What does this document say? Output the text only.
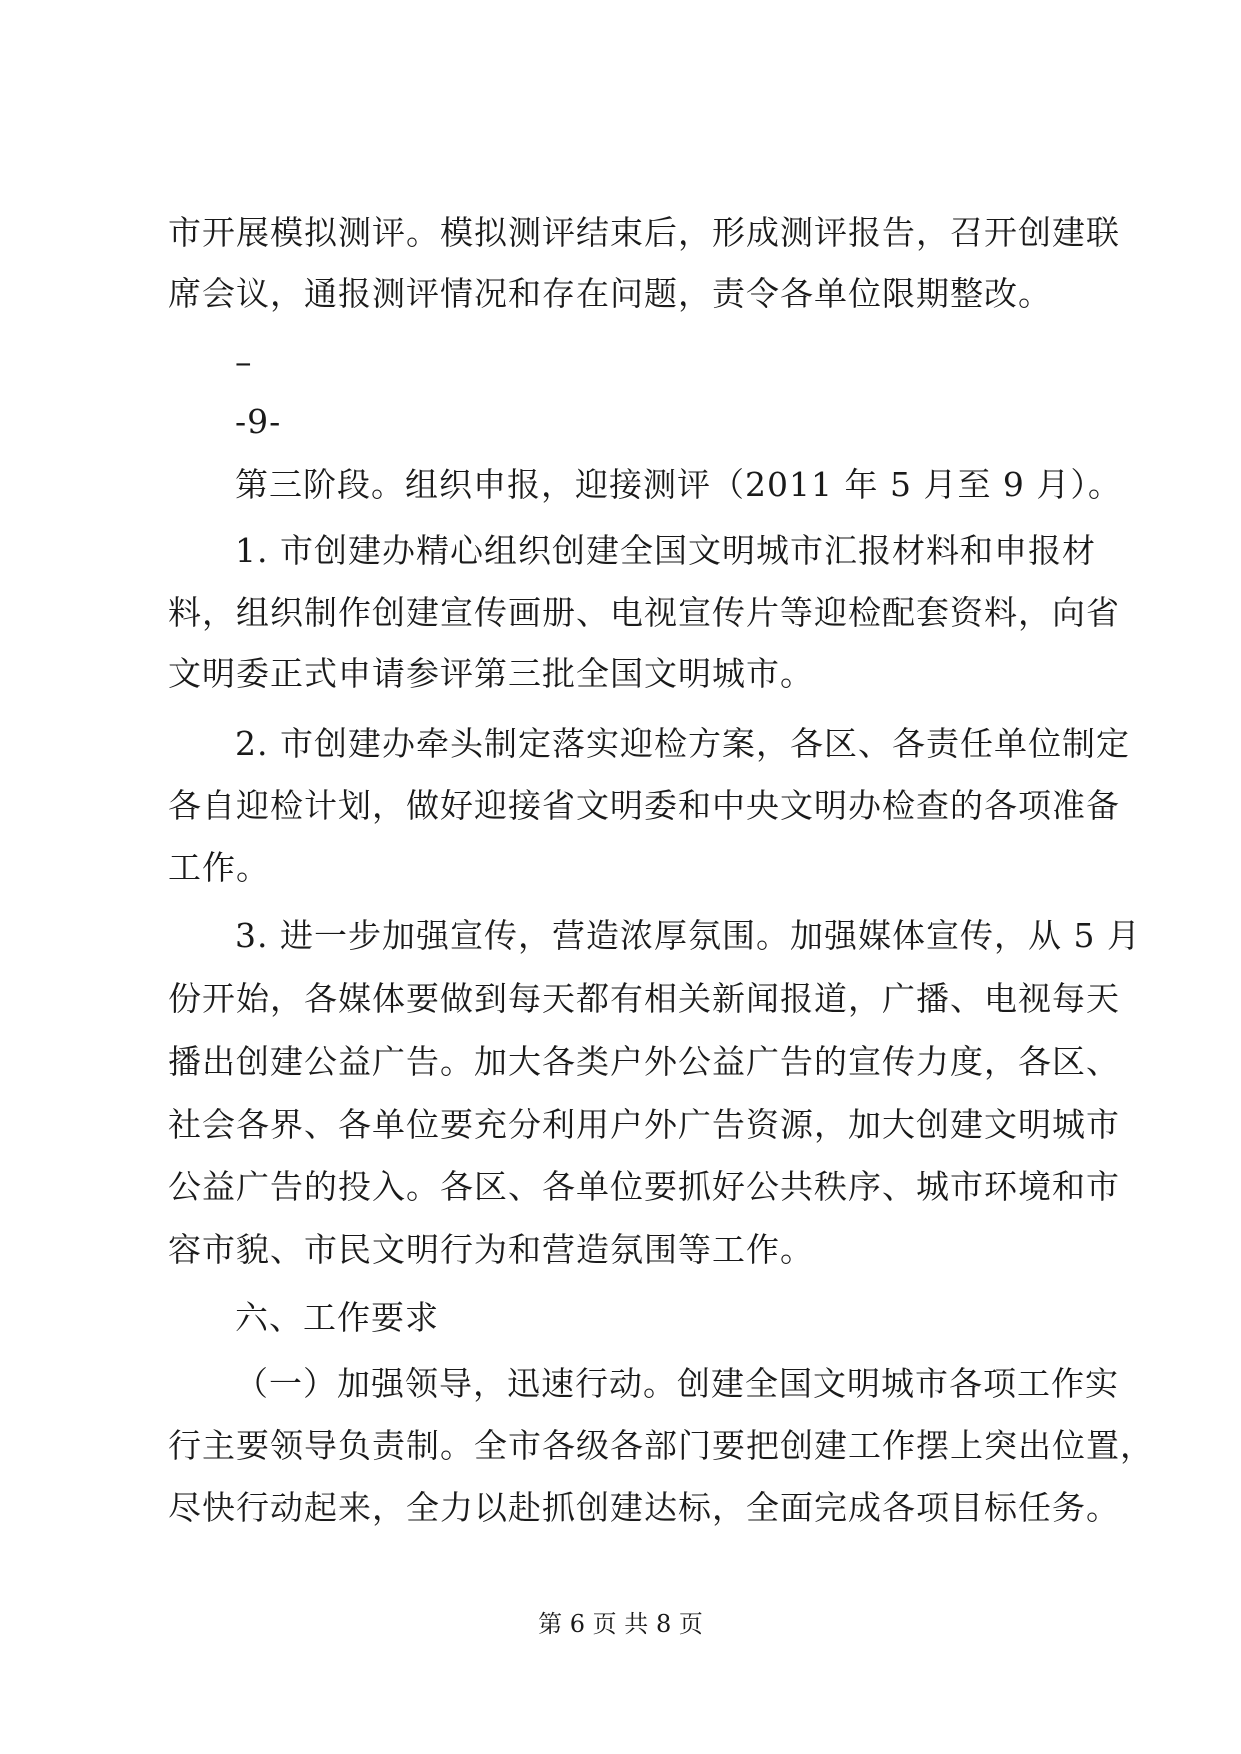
市开展模拟测评。模拟测评结束后，形成测评报告，召开创建联
席会议，通报测评情况和存在问题，责令各单位限期整改。
–
-9-
第三阶段。组织申报，迎接测评（2011 年 5 月至 9 月）。
1. 市创建办精心组织创建全国文明城市汇报材料和申报材
料，组织制作创建宣传画册、电视宣传片等迎检配套资料，向省
文明委正式申请参评第三批全国文明城市。
2. 市创建办牵头制定落实迎检方案，各区、各责任单位制定
各自迎检计划，做好迎接省文明委和中央文明办检查的各项准备
工作。
3. 进一步加强宣传，营造浓厚氛围。加强媒体宣传，从 5 月
份开始，各媒体要做到每天都有相关新闻报道，广播、电视每天
播出创建公益广告。加大各类户外公益广告的宣传力度，各区、
社会各界、各单位要充分利用户外广告资源，加大创建文明城市
公益广告的投入。各区、各单位要抓好公共秩序、城市环境和市
容市貌、市民文明行为和营造氛围等工作。
六、工作要求
（一）加强领导，迅速行动。创建全国文明城市各项工作实
行主要领导负责制。全市各级各部门要把创建工作摆上突出位置，
尽快行动起来，全力以赴抓创建达标，全面完成各项目标任务。
第 6 页 共 8 页
